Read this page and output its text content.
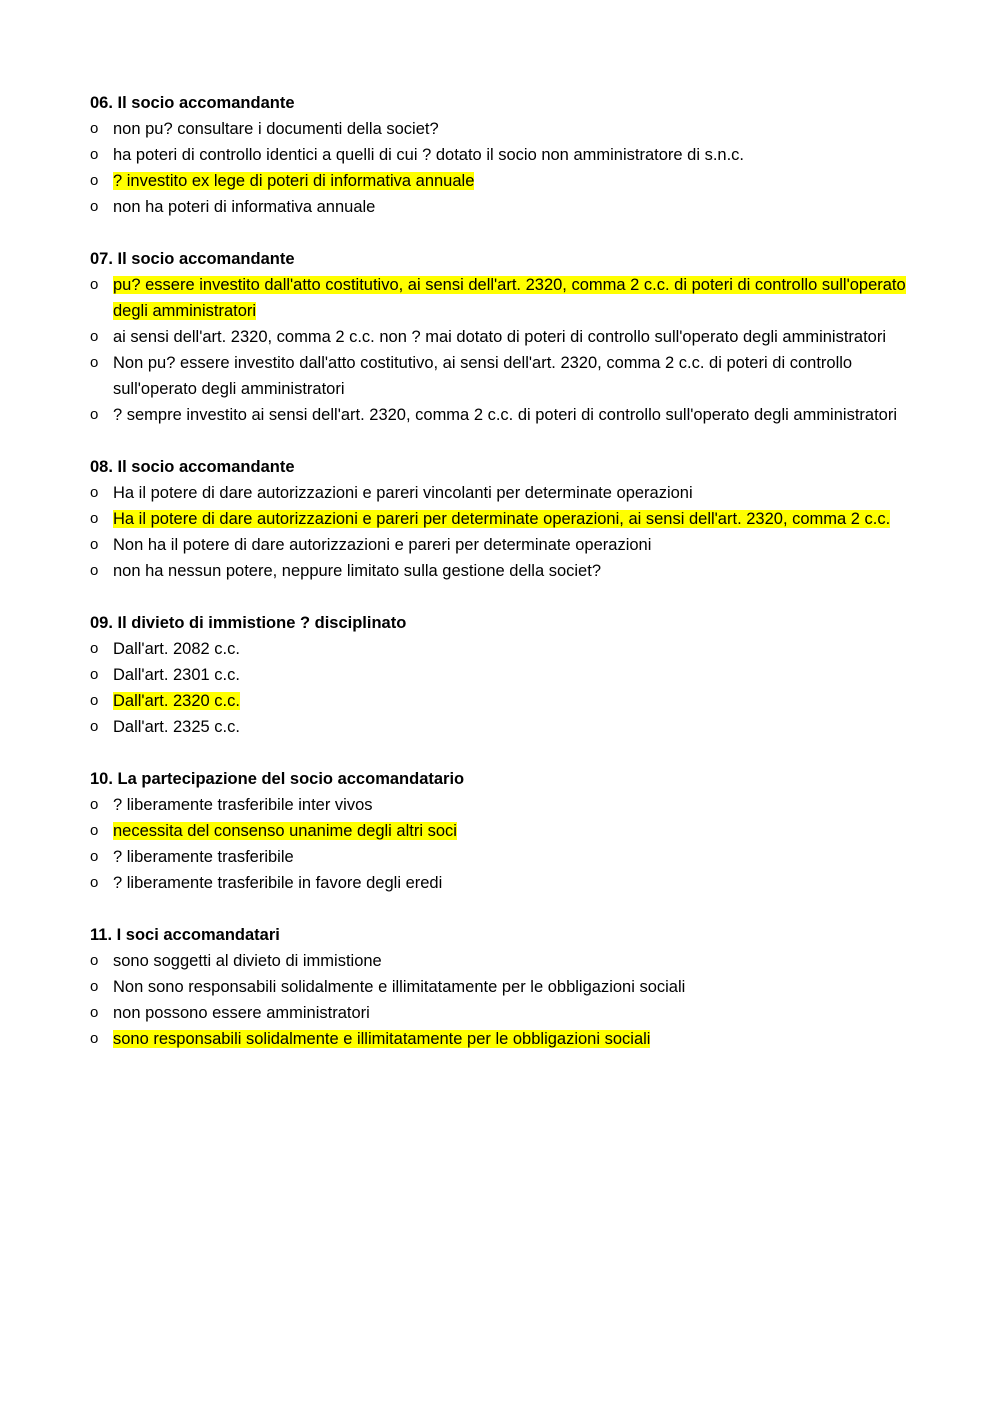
06. Il socio accomandante
o non pu? consultare i documenti della societ?
o ha poteri di controllo identici a quelli di cui ? dotato il socio non amministratore di s.n.c.
o ? investito ex lege di poteri di informativa annuale
o non ha poteri di informativa annuale
07. Il socio accomandante
o pu? essere investito dall'atto costitutivo, ai sensi dell'art. 2320, comma 2 c.c. di poteri di controllo sull'operato degli amministratori
o ai sensi dell'art. 2320, comma 2 c.c. non ? mai dotato di poteri di controllo sull'operato degli amministratori
o Non pu? essere investito dall'atto costitutivo, ai sensi dell'art. 2320, comma 2 c.c. di poteri di controllo sull'operato degli amministratori
o ? sempre investito ai sensi dell'art. 2320, comma 2 c.c. di poteri di controllo sull'operato degli amministratori
08. Il socio accomandante
o Ha il potere di dare autorizzazioni e pareri vincolanti per determinate operazioni
o Ha il potere di dare autorizzazioni e pareri per determinate operazioni, ai sensi dell'art. 2320, comma 2 c.c.
o Non ha il potere di dare autorizzazioni e pareri per determinate operazioni
o non ha nessun potere, neppure limitato sulla gestione della societ?
09. Il divieto di immistione ? disciplinato
o Dall'art. 2082 c.c.
o Dall'art. 2301 c.c.
o Dall'art. 2320 c.c.
o Dall'art. 2325 c.c.
10. La partecipazione del socio accomandatario
o ? liberamente trasferibile inter vivos
o necessita del consenso unanime degli altri soci
o ? liberamente trasferibile
o ? liberamente trasferibile in favore degli eredi
11. I soci accomandatari
o sono soggetti al divieto di immistione
o Non sono responsabili solidalmente e illimitatamente per le obbligazioni sociali
o non possono essere amministratori
o sono responsabili solidalmente e illimitatamente per le obbligazioni sociali
